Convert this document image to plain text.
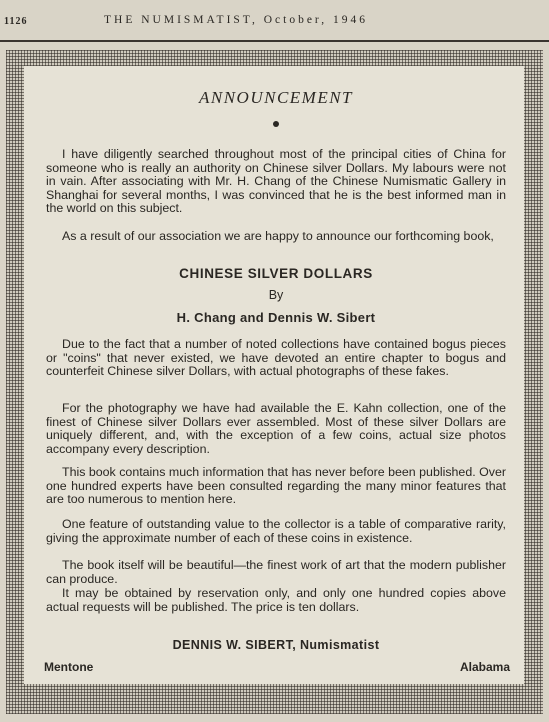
1126	THE NUMISMATIST, October, 1946
ANNOUNCEMENT
I have diligently searched throughout most of the principal cities of China for someone who is really an authority on Chinese silver Dollars. My labours were not in vain. After associating with Mr. H. Chang of the Chinese Numismatic Gallery in Shanghai for several months, I was convinced that he is the best informed man in the world on this subject.
As a result of our association we are happy to announce our forthcoming book,
CHINESE SILVER DOLLARS
By
H. Chang and Dennis W. Sibert
Due to the fact that a number of noted collections have contained bogus pieces or "coins" that never existed, we have devoted an entire chapter to bogus and counterfeit Chinese silver Dollars, with actual photographs of these fakes.
For the photography we have had available the E. Kahn collection, one of the finest of Chinese silver Dollars ever assembled. Most of these silver Dollars are uniquely different, and, with the exception of a few coins, actual size photos accompany every description.
This book contains much information that has never before been published. Over one hundred experts have been consulted regarding the many minor features that are too numerous to mention here.
One feature of outstanding value to the collector is a table of comparative rarity, giving the approximate number of each of these coins in existence.
The book itself will be beautiful—the finest work of art that the modern publisher can produce.
It may be obtained by reservation only, and only one hundred copies above actual requests will be published. The price is ten dollars.
DENNIS W. SIBERT, Numismatist
Mentone	Alabama
